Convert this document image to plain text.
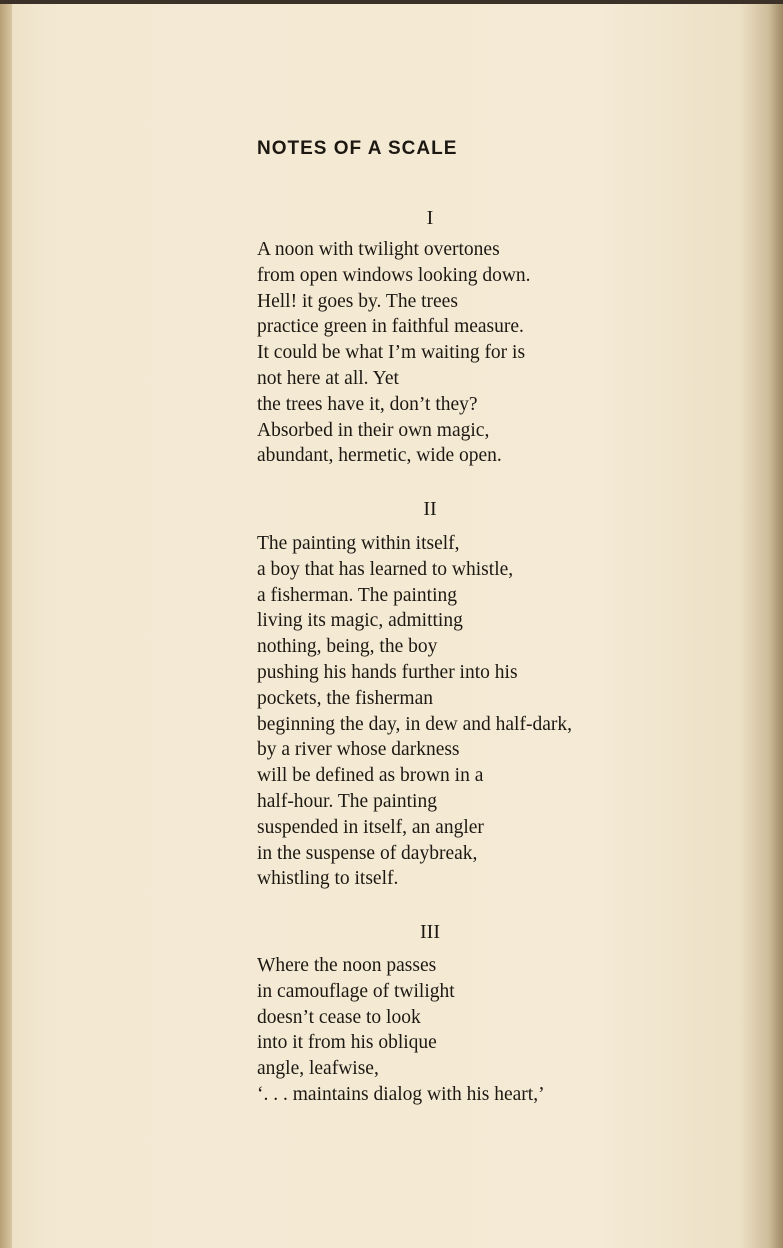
NOTES OF A SCALE
I
A noon with twilight overtones
from open windows looking down.
Hell! it goes by. The trees
practice green in faithful measure.
It could be what I’m waiting for is
not here at all. Yet
the trees have it, don’t they?
Absorbed in their own magic,
abundant, hermetic, wide open.
II
The painting within itself,
a boy that has learned to whistle,
a fisherman. The painting
living its magic, admitting
nothing, being, the boy
pushing his hands further into his
pockets, the fisherman
beginning the day, in dew and half-dark,
by a river whose darkness
will be defined as brown in a
half-hour. The painting
suspended in itself, an angler
in the suspense of daybreak,
whistling to itself.
III
Where the noon passes
in camouflage of twilight
doesn’t cease to look
into it from his oblique
angle, leafwise,
‘. . . maintains dialog with his heart,’
